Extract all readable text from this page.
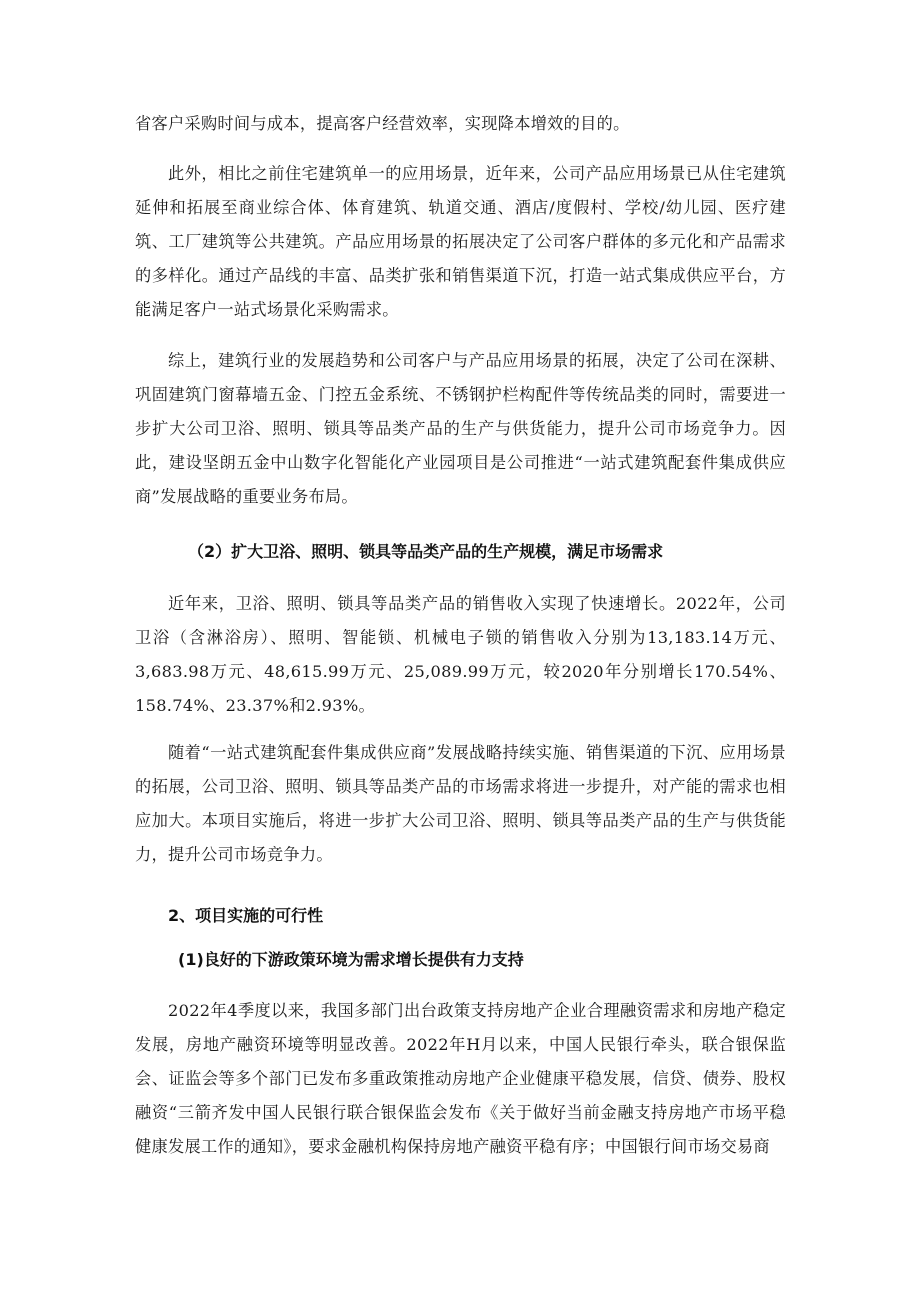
省客户采购时间与成本，提高客户经营效率，实现降本增效的目的。

此外，相比之前住宅建筑单一的应用场景，近年来，公司产品应用场景已从住宅建筑延伸和拓展至商业综合体、体育建筑、轨道交通、酒店/度假村、学校/幼儿园、医疗建筑、工厂建筑等公共建筑。产品应用场景的拓展决定了公司客户群体的多元化和产品需求的多样化。通过产品线的丰富、品类扩张和销售渠道下沉，打造一站式集成供应平台，方能满足客户一站式场景化采购需求。

综上，建筑行业的发展趋势和公司客户与产品应用场景的拓展，决定了公司在深耕、巩固建筑门窗幕墙五金、门控五金系统、不锈钢护栏构配件等传统品类的同时，需要进一步扩大公司卫浴、照明、锁具等品类产品的生产与供货能力，提升公司市场竞争力。因此，建设坚朗五金中山数字化智能化产业园项目是公司推进“一站式建筑配套件集成供应商”发展战略的重要业务布局。

（2）扩大卫浴、照明、锁具等品类产品的生产规模，满足市场需求

近年来，卫浴、照明、锁具等品类产品的销售收入实现了快速增长。2022年，公司卫浴（含淋浴房）、照明、智能锁、机械电子锁的销售收入分别为13,183.14万元、3,683.98万元、48,615.99万元、25,089.99万元，较2020年分别增长170.54%、158.74%、23.37%和2.93%。

随着“一站式建筑配套件集成供应商”发展战略持续实施、销售渠道的下沉、应用场景的拓展，公司卫浴、照明、锁具等品类产品的市场需求将进一步提升，对产能的需求也相应加大。本项目实施后，将进一步扩大公司卫浴、照明、锁具等品类产品的生产与供货能力，提升公司市场竞争力。

2、项目实施的可行性

(1)良好的下游政策环境为需求增长提供有力支持

2022年4季度以来，我国多部门出台政策支持房地产企业合理融资需求和房地产稳定发展，房地产融资环境等明显改善。2022年H月以来，中国人民银行牵头，联合银保监会、证监会等多个部门已发布多重政策推动房地产企业健康平稳发展，信贷、债券、股权融资“三箭齐发中国人民银行联合银保监会发布《关于做好当前金融支持房地产市场平稳健康发展工作的通知》，要求金融机构保持房地产融资平稳有序；中国银行间市场交易商
